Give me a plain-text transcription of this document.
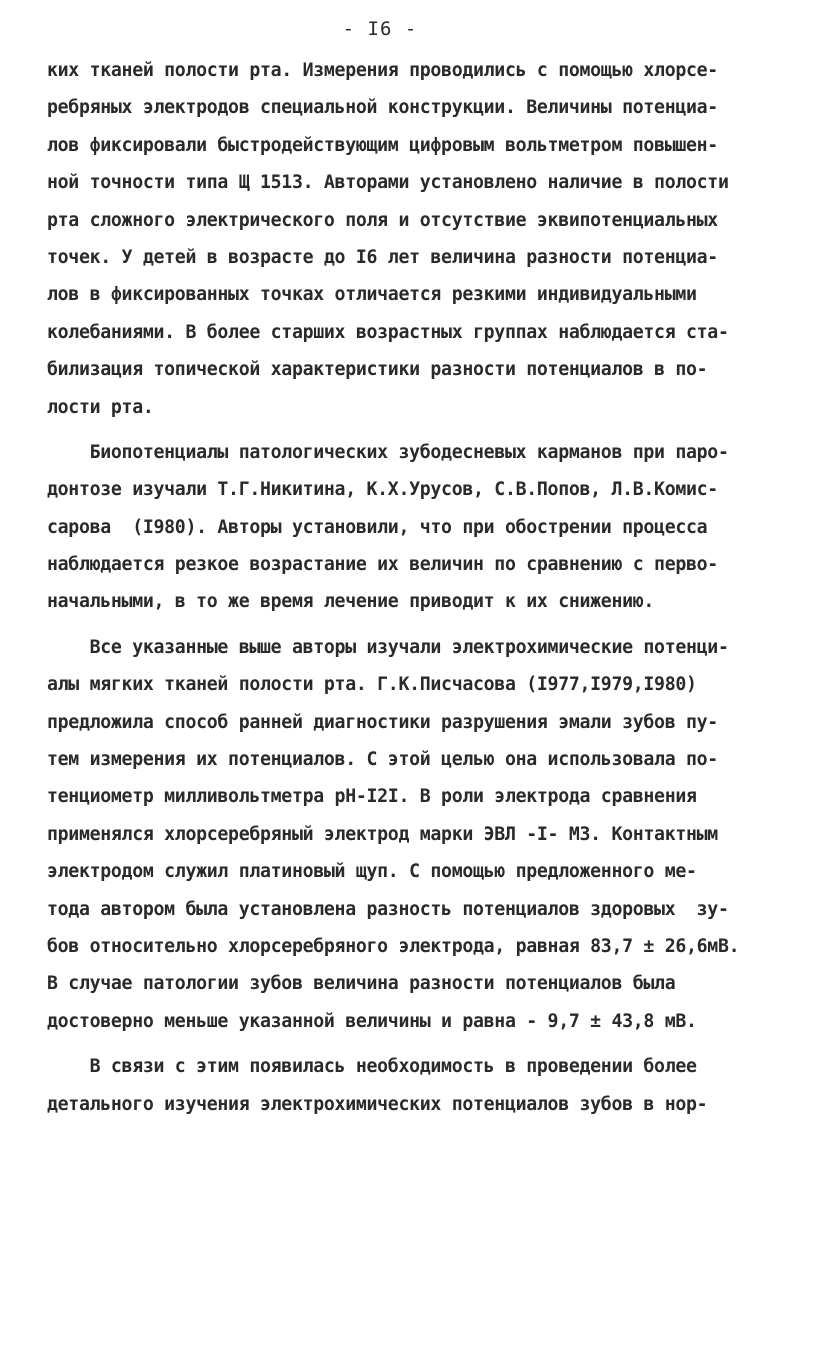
- I6 -
ких тканей полости рта. Измерения проводились с помощью хлорсе-
ребряных электродов специальной конструкции. Величины потенциа-
лов фиксировали быстродействующим цифровым вольтметром повышен-
ной точности типа Щ 1513. Авторами установлено наличие в полости
рта сложного электрического поля и отсутствие эквипотенциальных
точек. У детей в возрасте до I6 лет величина разности потенциа-
лов в фиксированных точках отличается резкими индивидуальными
колебаниями. В более старших возрастных группах наблюдается ста-
билизация топической характеристики разности потенциалов в по-
лости рта.
Биопотенциалы патологических зубодесневых карманов при паро-
донтозе изучали Т.Г.Никитина, К.Х.Урусов, С.В.Попов, Л.В.Комис-
сарова  (I980). Авторы установили, что при обострении процесса
наблюдается резкое возрастание их величин по сравнению с перво-
начальными, в то же время лечение приводит к их снижению.
Все указанные выше авторы изучали электрохимические потенци-
алы мягких тканей полости рта. Г.К.Писчасова (I977,I979,I980)
предложила способ ранней диагностики разрушения эмали зубов пу-
тем измерения их потенциалов. С этой целью она использовала по-
тенциометр милливольтметра рН-I2I. В роли электрода сравнения
применялся хлорсеребряный электрод марки ЭВЛ -I- МЗ. Контактным
электродом служил платиновый щуп. С помощью предложенного ме-
тода автором была установлена разность потенциалов здоровых  зу-
бов относительно хлорсеребряного электрода, равная 83,7 ± 26,6мВ.
В случае патологии зубов величина разности потенциалов была
достоверно меньше указанной величины и равна - 9,7 ± 43,8 мВ.
В связи с этим появилась необходимость в проведении более
детального изучения электрохимических потенциалов зубов в нор-
